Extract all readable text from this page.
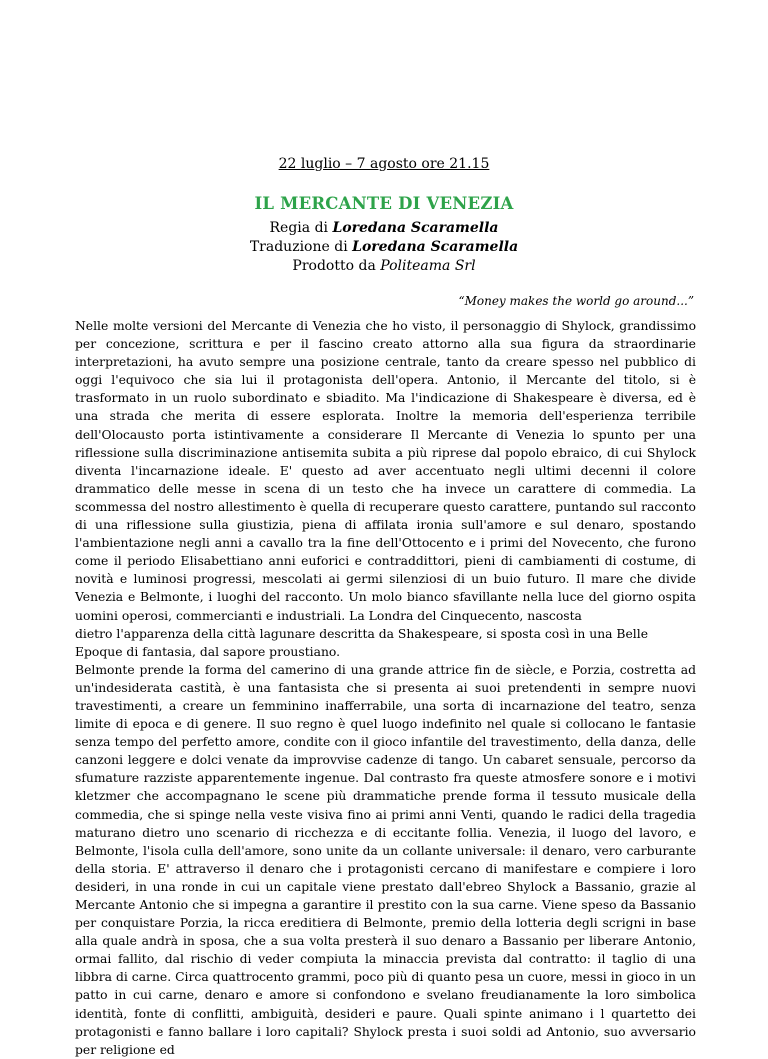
22 luglio – 7 agosto ore 21.15
IL MERCANTE DI VENEZIA
Regia di Loredana Scaramella
Traduzione di Loredana Scaramella
Prodotto da Politeama Srl
“Money makes the world go around...”

Nelle molte versioni del Mercante di Venezia che ho visto, il personaggio di Shylock, grandissimo per concezione, scrittura e per il fascino creato attorno alla sua figura da straordinarie interpretazioni, ha avuto sempre una posizione centrale, tanto da creare spesso nel pubblico di oggi l'equivoco che sia lui il protagonista dell'opera. Antonio, il Mercante del titolo, si è trasformato in un ruolo subordinato e sbiadito. Ma l'indicazione di Shakespeare è diversa, ed è una strada che merita di essere esplorata. Inoltre la memoria dell'esperienza terribile dell'Olocausto porta istintivamente a considerare Il Mercante di Venezia lo spunto per una riflessione sulla discriminazione antisemita subita a più riprese dal popolo ebraico, di cui Shylock diventa l'incarnazione ideale. E' questo ad aver accentuato negli ultimi decenni il colore drammatico delle messe in scena di un testo che ha invece un carattere di commedia. La scommessa del nostro allestimento è quella di recuperare questo carattere, puntando sul racconto di una riflessione sulla giustizia, piena di affilata ironia sull'amore e sul denaro, spostando l'ambientazione negli anni a cavallo tra la fine dell'Ottocento e i primi del Novecento, che furono come il periodo Elisabettiano anni euforici e contraddittori, pieni di cambiamenti di costume, di novità e luminosi progressi, mescolati ai germi silenziosi di un buio futuro. Il mare che divide Venezia e Belmonte, i luoghi del racconto. Un molo bianco sfavillante nella luce del giorno ospita uomini operosi, commercianti e industriali. La Londra del Cinquecento, nascosta

dietro l'apparenza della città lagunare descritta da Shakespeare, si sposta così in una Belle Epoque di fantasia, dal sapore proustiano.

Belmonte prende la forma del camerino di una grande attrice fin de siècle, e Porzia, costretta ad un'indesiderata castità, è una fantasista che si presenta ai suoi pretendenti in sempre nuovi travestimenti, a creare un femminino inafferrabile, una sorta di incarnazione del teatro, senza limite di epoca e di genere. Il suo regno è quel luogo indefinito nel quale si collocano le fantasie senza tempo del perfetto amore, condite con il gioco infantile del travestimento, della danza, delle canzoni leggere e dolci venate da improvvise cadenze di tango. Un cabaret sensuale, percorso da sfumature razziste apparentemente ingenue. Dal contrasto fra queste atmosfere sonore e i motivi kletzmer che accompagnano le scene più drammatiche prende forma il tessuto musicale della commedia, che si spinge nella veste visiva fino ai primi anni Venti, quando le radici della tragedia maturano dietro uno scenario di ricchezza e di eccitante follia. Venezia, il luogo del lavoro, e Belmonte, l'isola culla dell'amore, sono unite da un collante universale: il denaro, vero carburante della storia. E' attraverso il denaro che i protagonisti cercano di manifestare e compiere i loro desideri, in una ronde in cui un capitale viene prestato dall'ebreo Shylock a Bassanio, grazie al Mercante Antonio che si impegna a garantire il prestito con la sua carne. Viene speso da Bassanio per conquistare Porzia, la ricca ereditiera di Belmonte, premio della lotteria degli scrigni in base alla quale andrà in sposa, che a sua volta presterà il suo denaro a Bassanio per liberare Antonio, ormai fallito, dal rischio di veder compiuta la minaccia prevista dal contratto: il taglio di una libbra di carne. Circa quattrocento grammi, poco più di quanto pesa un cuore, messi in gioco in un patto in cui carne, denaro e amore si confondono e svelano freudianamente la loro simbolica identità, fonte di conflitti, ambiguità, desideri e paure. Quali spinte animano i l quartetto dei protagonisti e fanno ballare i loro capitali? Shylock presta i suoi soldi ad Antonio, suo avversario per religione ed
